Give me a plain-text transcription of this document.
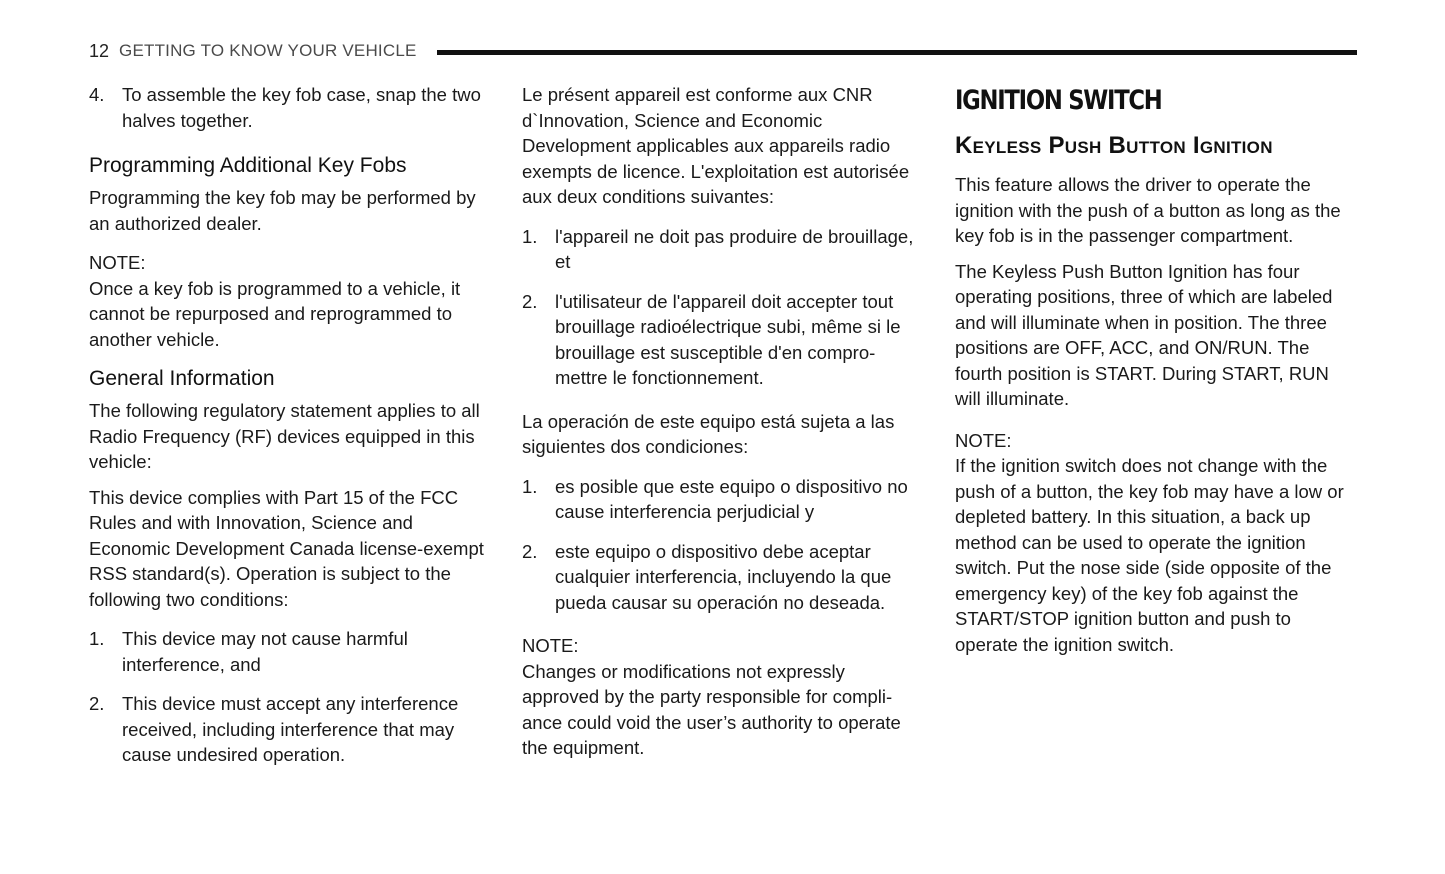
12 GETTING TO KNOW YOUR VEHICLE
4. To assemble the key fob case, snap the two halves together.
Programming Additional Key Fobs

Programming the key fob may be performed by an authorized dealer.

NOTE:
Once a key fob is programmed to a vehicle, it cannot be repurposed and reprogrammed to another vehicle.
General Information

The following regulatory statement applies to all Radio Frequency (RF) devices equipped in this vehicle:

This device complies with Part 15 of the FCC Rules and with Innovation, Science and Economic Development Canada license-exempt RSS standard(s). Operation is subject to the following two conditions:

1. This device may not cause harmful interference, and
2. This device must accept any interference received, including interference that may cause undesired operation.

Le présent appareil est conforme aux CNR d`Innovation, Science and Economic Development applicables aux appareils radio exempts de licence. L'exploitation est autorisée aux deux conditions suivantes:

1. l'appareil ne doit pas produire de brouillage, et
2. l'utilisateur de l'appareil doit accepter tout brouillage radioélectrique subi, même si le brouillage est susceptible d'en compro- mettre le fonctionnement.

La operación de este equipo está sujeta a las siguientes dos condiciones:

1. es posible que este equipo o dispositivo no cause interferencia perjudicial y
2. este equipo o dispositivo debe aceptar cualquier interferencia, incluyendo la que pueda causar su operación no deseada.
NOTE:
Changes or modifications not expressly approved by the party responsible for compli- ance could void the user’s authority to operate the equipment.
IGNITION SWITCH
Keyless Push Button Ignition

This feature allows the driver to operate the ignition with the push of a button as long as the key fob is in the passenger compartment.

The Keyless Push Button Ignition has four operating positions, three of which are labeled and will illuminate when in position. The three positions are OFF, ACC, and ON/RUN. The fourth position is START. During START, RUN will illuminate.

NOTE:
If the ignition switch does not change with the push of a button, the key fob may have a low or depleted battery. In this situation, a back up method can be used to operate the ignition switch. Put the nose side (side opposite of the emergency key) of the key fob against the START/STOP ignition button and push to operate the ignition switch.
